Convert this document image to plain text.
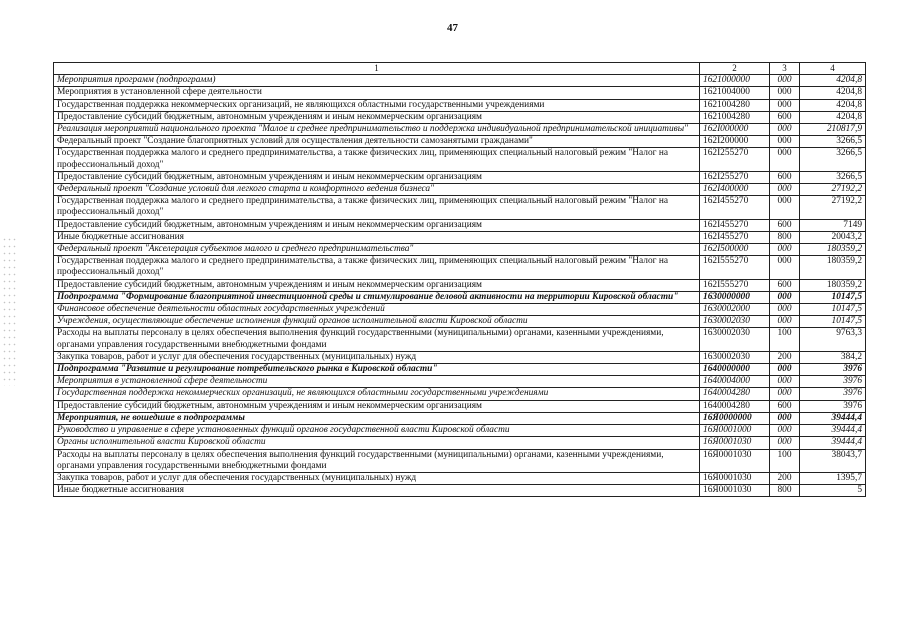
47
1	2	3	4
Мероприятия программ (подпрограмм)	1621000000	000	4204,8
Мероприятия в установленной сфере деятельности	1621004000	000	4204,8
Государственная поддержка некоммерческих организаций, не являющихся областными государственными учреждениями	1621004280	000	4204,8
Предоставление субсидий бюджетным, автономным учреждениям и иным некоммерческим организациям	1621004280	600	4204,8
Реализация мероприятий национального проекта "Малое и среднее предпринимательство и поддержка индивидуальной предпринимательской инициативы"	162I000000	000	210817,9
Федеральный проект "Создание благоприятных условий для осуществления деятельности самозанятыми гражданами"	162I200000	000	3266,5
Государственная поддержка малого и среднего предпринимательства, а также физических лиц, применяющих специальный налоговый режим "Налог на профессиональный доход"	162I255270	000	3266,5
Предоставление субсидий бюджетным, автономным учреждениям и иным некоммерческим организациям	162I255270	600	3266,5
Федеральный проект "Создание условий для легкого старта и комфортного ведения бизнеса"	162I400000	000	27192,2
Государственная поддержка малого и среднего предпринимательства, а также физических лиц, применяющих специальный налоговый режим "Налог на профессиональный доход"	162I455270	000	27192,2
Предоставление субсидий бюджетным, автономным учреждениям и иным некоммерческим организациям	162I455270	600	7149
Иные бюджетные ассигнования	162I455270	800	20043,2
Федеральный проект "Акселерация субъектов малого и среднего предпринимательства"	162I500000	000	180359,2
Государственная поддержка малого и среднего предпринимательства, а также физических лиц, применяющих специальный налоговый режим "Налог на профессиональный доход"	162I555270	000	180359,2
Предоставление субсидий бюджетным, автономным учреждениям и иным некоммерческим организациям	162I555270	600	180359,2
Подпрограмма "Формирование благоприятной инвестиционной среды и стимулирование деловой активности на территории Кировской области"	1630000000	000	10147,5
Финансовое обеспечение деятельности областных государственных учреждений	1630002000	000	10147,5
Учреждения, осуществляющие обеспечение исполнения функций органов исполнительной власти Кировской области	1630002030	000	10147,5
Расходы на выплаты персоналу в целях обеспечения выполнения функций государственными (муниципальными) органами, казенными учреждениями, органами управления государственными внебюджетными фондами	1630002030	100	9763,3
Закупка товаров, работ и услуг для обеспечения государственных (муниципальных) нужд	1630002030	200	384,2
Подпрограмма "Развитие и регулирование потребительского рынка в Кировской области"	1640000000	000	3976
Мероприятия в установленной сфере деятельности	1640004000	000	3976
Государственная поддержка некоммерческих организаций, не являющихся областными государственными учреждениями	1640004280	000	3976
Предоставление субсидий бюджетным, автономным учреждениям и иным некоммерческим организациям	1640004280	600	3976
Мероприятия, не вошедшие в подпрограммы	16Я0000000	000	39444,4
Руководство и управление в сфере установленных функций органов государственной власти Кировской области	16Я0001000	000	39444,4
Органы исполнительной власти Кировской области	16Я0001030	000	39444,4
Расходы на выплаты персоналу в целях обеспечения выполнения функций государственными (муниципальными) органами, казенными учреждениями, органами управления государственными внебюджетными фондами	16Я0001030	100	38043,7
Закупка товаров, работ и услуг для обеспечения государственных (муниципальных) нужд	16Я0001030	200	1395,7
Иные бюджетные ассигнования	16Я0001030	800	5
